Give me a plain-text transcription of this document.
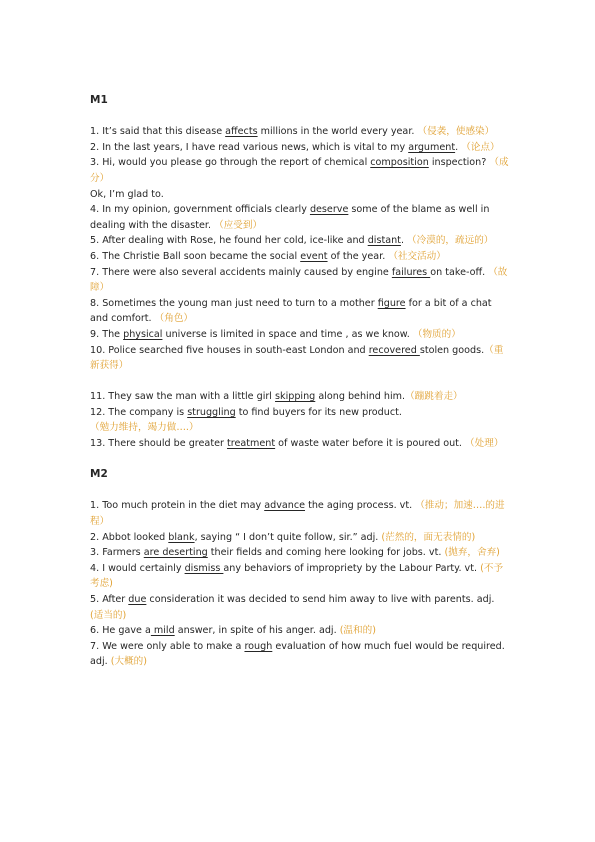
M1

1. It’s said that this disease affects millions in the world every year. （侵袭，使感染）

2. In the last years, I have read various news, which is vital to my argument. （论点）

3. Hi, would you please go through the report of chemical composition inspection? （成分）

Ok, I’m glad to.

4. In my opinion, government officials clearly deserve some of the blame as well in dealing with the disaster. （应受到）

5. After dealing with Rose, he found her cold, ice-like and distant. （冷漠的，疏远的）

6. The Christie Ball soon became the social event of the year. （社交活动）

7. There were also several accidents mainly caused by engine failures on take-off. （故障）

8. Sometimes the young man just need to turn to a mother figure for a bit of a chat and comfort. （角色）

9. The physical universe is limited in space and time , as we know. （物质的）

10. Police searched five houses in south-east London and recovered stolen goods.（重新获得）

11. They saw the man with a little girl skipping along behind him.（蹦跳着走）

12. The company is struggling to find buyers for its new product. （勉力维持，竭力做….）

13. There should be greater treatment of waste water before it is poured out. （处理）

M2

1. Too much protein in the diet may advance the aging process. vt. （推动；加速….的进程）

2. Abbot looked blank, saying “ I don’t quite follow, sir.” adj. (茫然的，面无表情的)

3. Farmers are deserting their fields and coming here looking for jobs. vt. (抛弃，舍弃)

4. I would certainly dismiss any behaviors of impropriety by the Labour Party. vt. (不予考虑)

5. After due consideration it was decided to send him away to live with parents. adj. (适当的)

6. He gave a mild answer, in spite of his anger. adj. (温和的)

7. We were only able to make a rough evaluation of how much fuel would be required. adj. (大概的)
